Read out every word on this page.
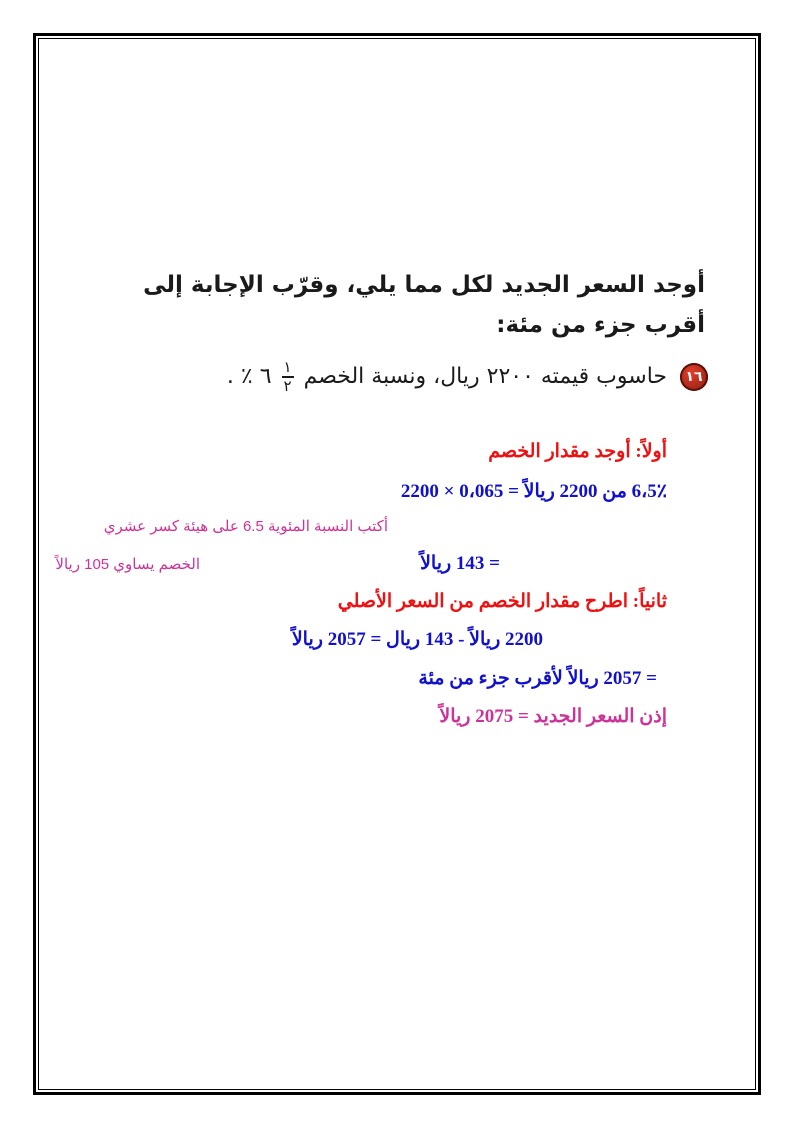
أوجد السعر الجديد لكل مما يلي، وقرّب الإجابة إلى
أقرب جزء من مئة:
١٦ حاسوب قيمته ٢٢٠٠ ريال، ونسبة الخصم
$\frac{١}{٢}$
٦ ٪ .
أولاً: أوجد مقدار الخصم
6،5٪ من 2200 ريالاً = 0،065 × 2200
أكتب النسبة المئوية 6.5 على هيئة كسر عشري
= 143 ريالاً
الخصم يساوي 105 ريالاً
ثانياً: اطرح مقدار الخصم من السعر الأصلي
2200 ريالاً - 143 ريال = 2057 ريالاً
= 2057 ريالاً لأقرب جزء من مئة
إذن السعر الجديد = 2075 ريالاً
